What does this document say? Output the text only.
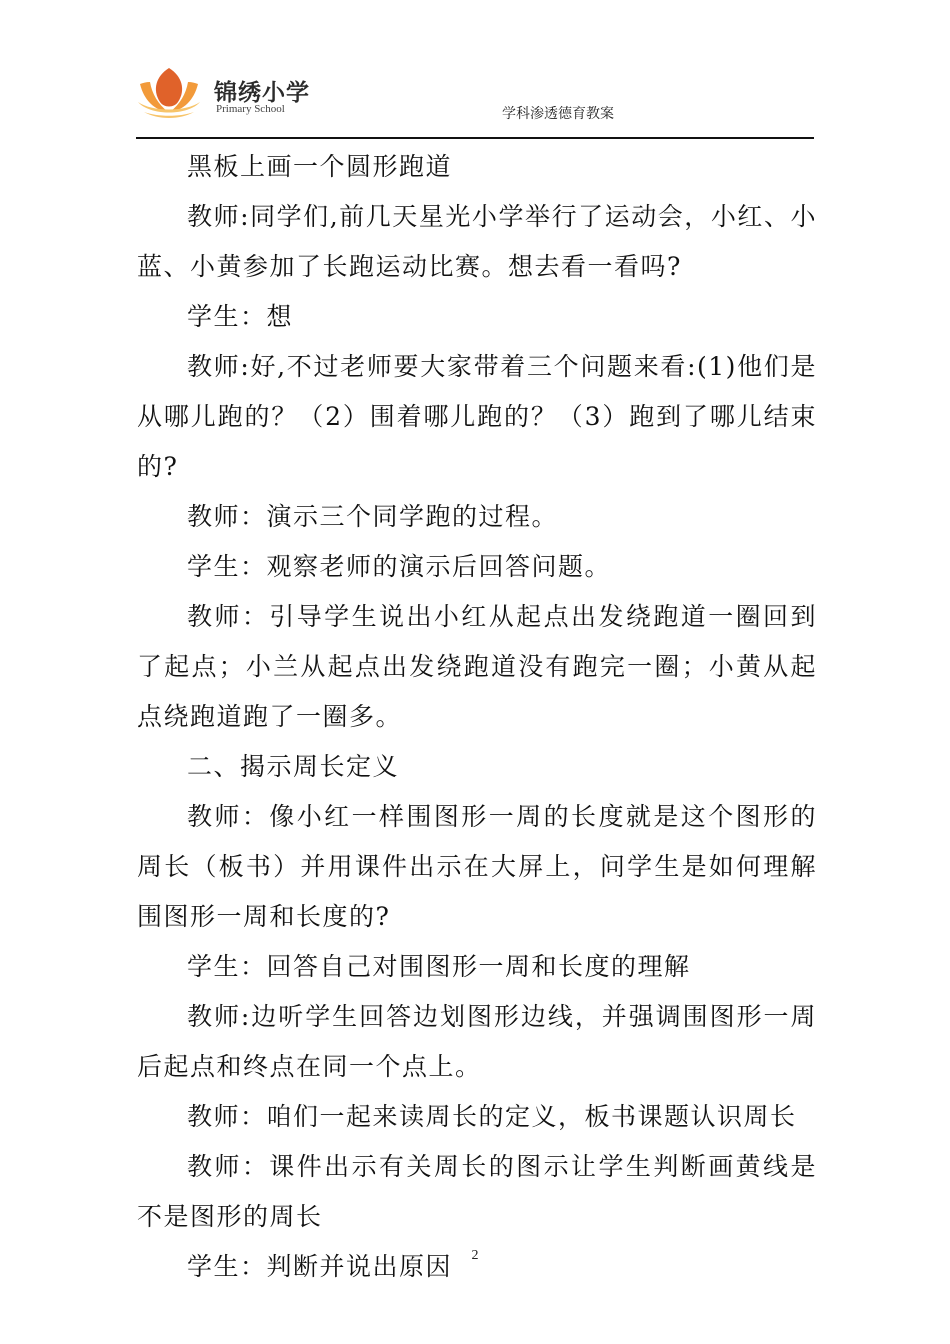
锦绣小学
Primary School	学科渗透德育教案

黑板上画一个圆形跑道

教师:同学们,前几天星光小学举行了运动会，小红、小蓝、小黄参加了长跑运动比赛。想去看一看吗?

学生：想

教师:好,不过老师要大家带着三个问题来看:(1)他们是从哪儿跑的？（2）围着哪儿跑的？（3）跑到了哪儿结束的?

教师：演示三个同学跑的过程。

学生：观察老师的演示后回答问题。

教师：引导学生说出小红从起点出发绕跑道一圈回到了起点；小兰从起点出发绕跑道没有跑完一圈；小黄从起点绕跑道跑了一圈多。

二、揭示周长定义

教师：像小红一样围图形一周的长度就是这个图形的周长（板书）并用课件出示在大屏上，问学生是如何理解围图形一周和长度的?

学生：回答自己对围图形一周和长度的理解

教师:边听学生回答边划图形边线，并强调围图形一周后起点和终点在同一个点上。

教师：咱们一起来读周长的定义，板书课题认识周长

教师：课件出示有关周长的图示让学生判断画黄线是不是图形的周长

学生：判断并说出原因	2
